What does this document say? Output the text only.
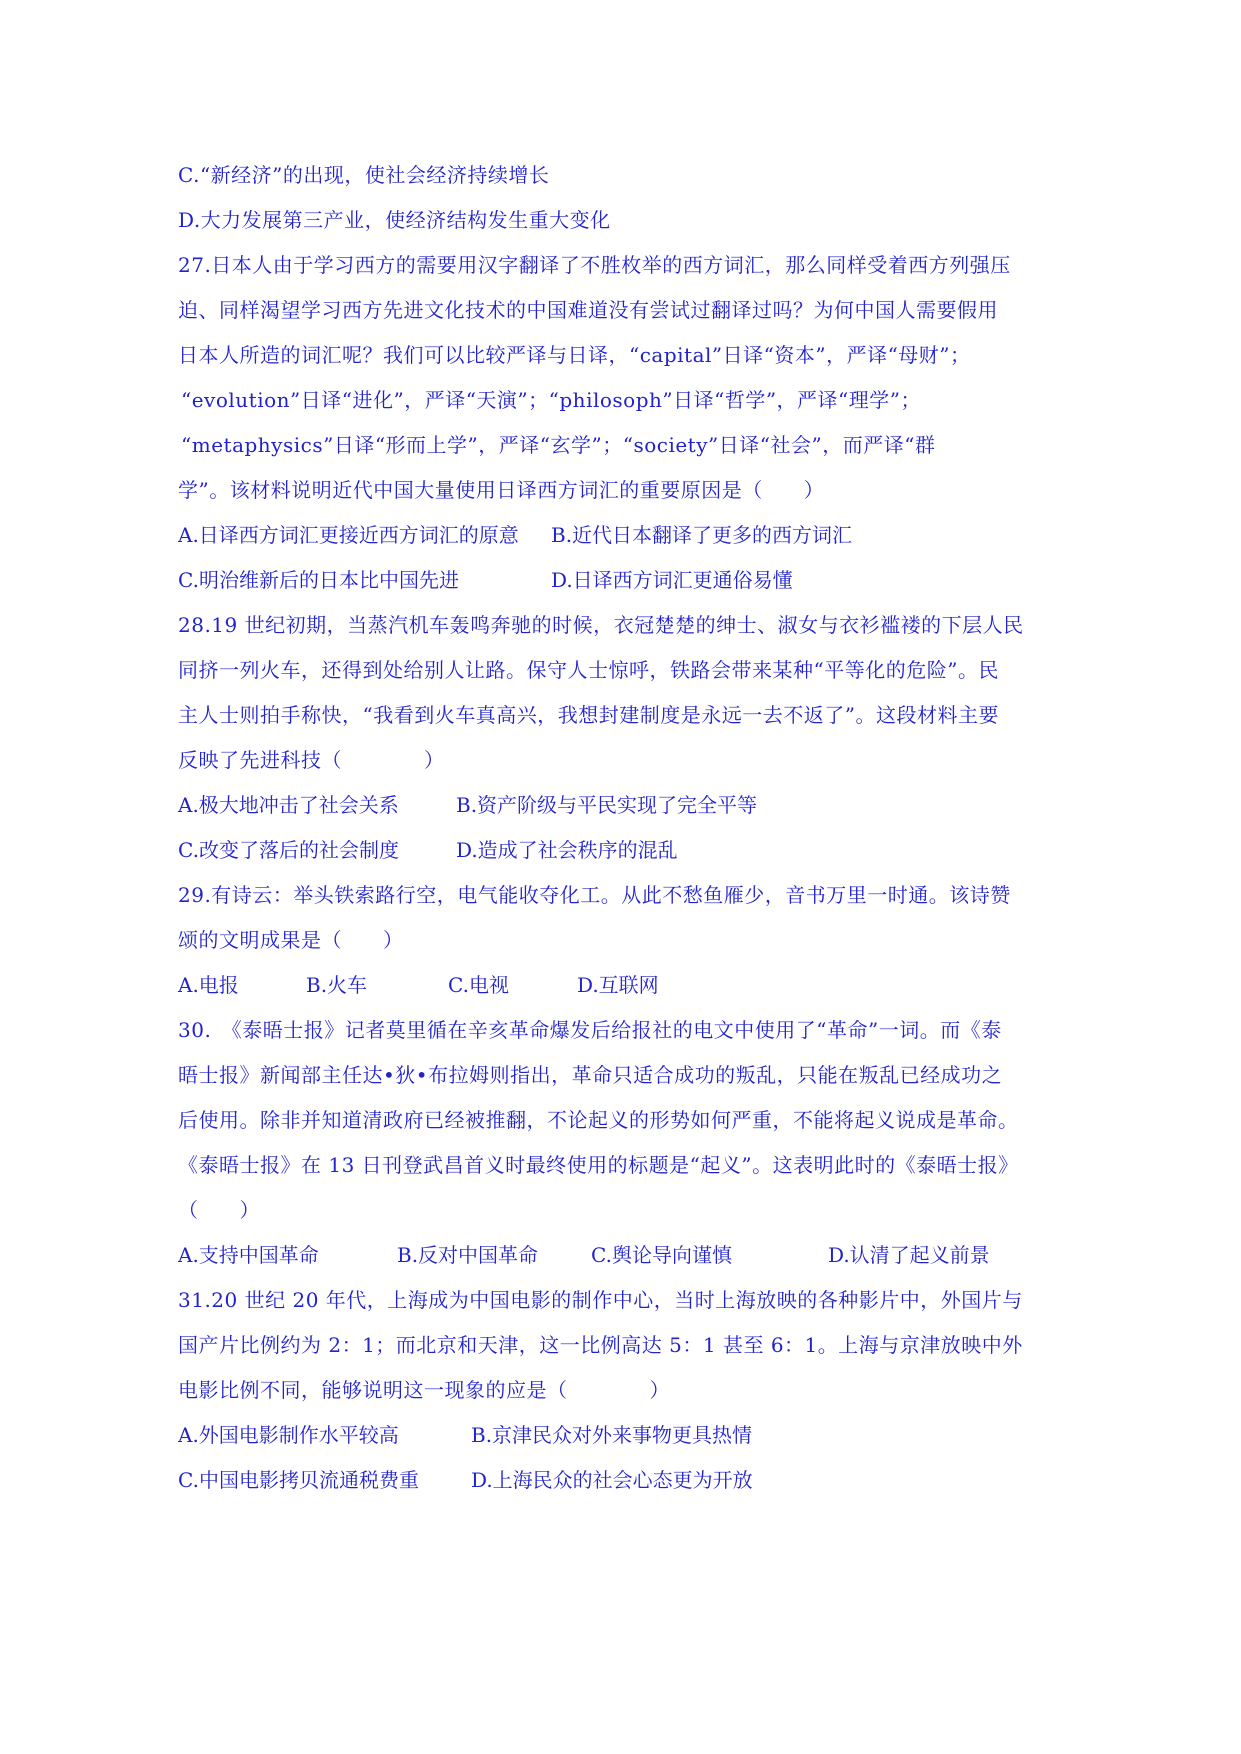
C.“新经济”的出现，使社会经济持续增长
D.大力发展第三产业，使经济结构发生重大变化
27.日本人由于学习西方的需要用汉字翻译了不胜枚举的西方词汇，那么同样受着西方列强压
迫、同样渴望学习西方先进文化技术的中国难道没有尝试过翻译过吗？为何中国人需要假用
日本人所造的词汇呢？我们可以比较严译与日译，“capital”日译“资本”，严译“母财”；
“evolution”日译“进化”，严译“天演”；“philosoph”日译“哲学”，严译“理学”；
“metaphysics”日译“形而上学”，严译“玄学”；“society”日译“社会”，而严译“群
学”。该材料说明近代中国大量使用日译西方词汇的重要原因是（　　）
A.日译西方词汇更接近西方词汇的原意 B.近代日本翻译了更多的西方词汇
C.明治维新后的日本比中国先进	D.日译西方词汇更通俗易懂
28.19 世纪初期，当蒸汽机车轰鸣奔驰的时候，衣冠楚楚的绅士、淑女与衣衫褴褛的下层人民
同挤一列火车，还得到处给别人让路。保守人士惊呼，铁路会带来某种“平等化的危险”。民
主人士则拍手称快，“我看到火车真高兴，我想封建制度是永远一去不返了”。这段材料主要
反映了先进科技（　　　　）
A.极大地冲击了社会关系	B.资产阶级与平民实现了完全平等
C.改变了落后的社会制度	D.造成了社会秩序的混乱
29.有诗云：举头铁索路行空，电气能收夺化工。从此不愁鱼雁少，音书万里一时通。该诗赞
颂的文明成果是（　　）
A.电报	B.火车	C.电视	D.互联网
30.　《泰晤士报》记者莫里循在辛亥革命爆发后给报社的电文中使用了“革命”一词。而《泰
晤士报》新闻部主任达•狄•布拉姆则指出，革命只适合成功的叛乱，只能在叛乱已经成功之
后使用。除非并知道清政府已经被推翻，不论起义的形势如何严重，不能将起义说成是革命。
《泰晤士报》在 13 日刊登武昌首义时最终使用的标题是“起义”。这表明此时的《泰晤士报》
（　　）
A.支持中国革命	B.反对中国革命	C.舆论导向谨慎	D.认清了起义前景
31.20 世纪 20 年代，上海成为中国电影的制作中心，当时上海放映的各种影片中，外国片与
国产片比例约为 2：1；而北京和天津，这一比例高达 5：1 甚至 6：1。上海与京津放映中外
电影比例不同，能够说明这一现象的应是（　　　　）
A.外国电影制作水平较高	B.京津民众对外来事物更具热情
C.中国电影拷贝流通税费重	D.上海民众的社会心态更为开放
